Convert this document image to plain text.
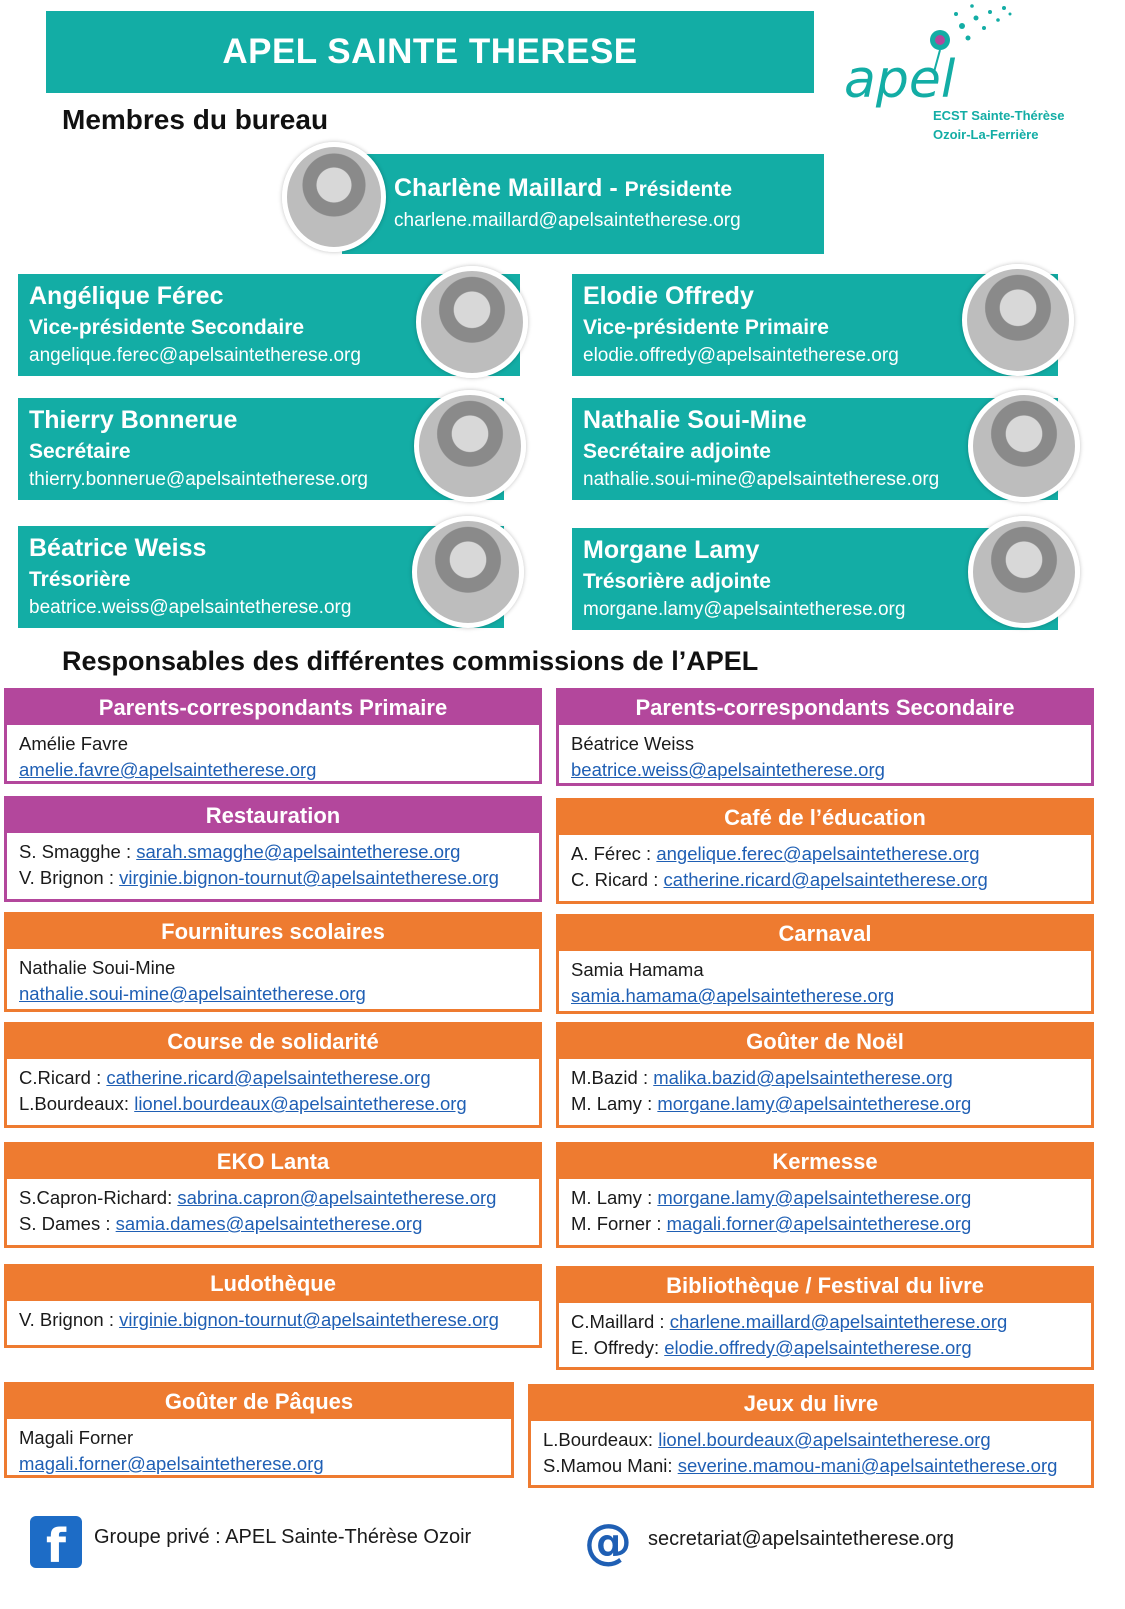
APEL SAINTE THERESE	apel
ECST Sainte-Thérèse
Ozoir-La-Ferrière
Membres du bureau
Charlène Maillard - Présidente
charlene.maillard@apelsaintetherese.org
Angélique Férec
Vice-présidente Secondaire
angelique.ferec@apelsaintetherese.org
Elodie Offredy
Vice-présidente Primaire
elodie.offredy@apelsaintetherese.org
Thierry Bonnerue
Secrétaire
thierry.bonnerue@apelsaintetherese.org
Nathalie Soui-Mine
Secrétaire adjointe
nathalie.soui-mine@apelsaintetherese.org
Béatrice Weiss
Trésorière
beatrice.weiss@apelsaintetherese.org
Morgane Lamy
Trésorière adjointe
morgane.lamy@apelsaintetherese.org
Responsables des différentes commissions de l’APEL
Parents-correspondants Primaire
Amélie Favre
amelie.favre@apelsaintetherese.org
Parents-correspondants Secondaire
Béatrice Weiss
beatrice.weiss@apelsaintetherese.org
Restauration
S. Smagghe : sarah.smagghe@apelsaintetherese.org
V. Brignon : virginie.bignon-tournut@apelsaintetherese.org
Café de l’éducation
A. Férec : angelique.ferec@apelsaintetherese.org
C. Ricard : catherine.ricard@apelsaintetherese.org
Fournitures scolaires
Nathalie Soui-Mine
nathalie.soui-mine@apelsaintetherese.org
Carnaval
Samia Hamama
samia.hamama@apelsaintetherese.org
Course de solidarité
C.Ricard : catherine.ricard@apelsaintetherese.org
L.Bourdeaux: lionel.bourdeaux@apelsaintetherese.org
Goûter de Noël
M.Bazid : malika.bazid@apelsaintetherese.org
M. Lamy : morgane.lamy@apelsaintetherese.org
EKO Lanta
S.Capron-Richard: sabrina.capron@apelsaintetherese.org
S. Dames : samia.dames@apelsaintetherese.org
Kermesse
M. Lamy : morgane.lamy@apelsaintetherese.org
M. Forner : magali.forner@apelsaintetherese.org
Ludothèque
V. Brignon : virginie.bignon-tournut@apelsaintetherese.org
Bibliothèque / Festival du livre
C.Maillard : charlene.maillard@apelsaintetherese.org
E. Offredy: elodie.offredy@apelsaintetherese.org
Goûter de Pâques
Magali Forner
magali.forner@apelsaintetherese.org
Jeux du livre
L.Bourdeaux: lionel.bourdeaux@apelsaintetherese.org
S.Mamou Mani: severine.mamou-mani@apelsaintetherese.org
f	Groupe privé : APEL Sainte-Thérèse Ozoir @ secretariat@apelsaintetherese.org
